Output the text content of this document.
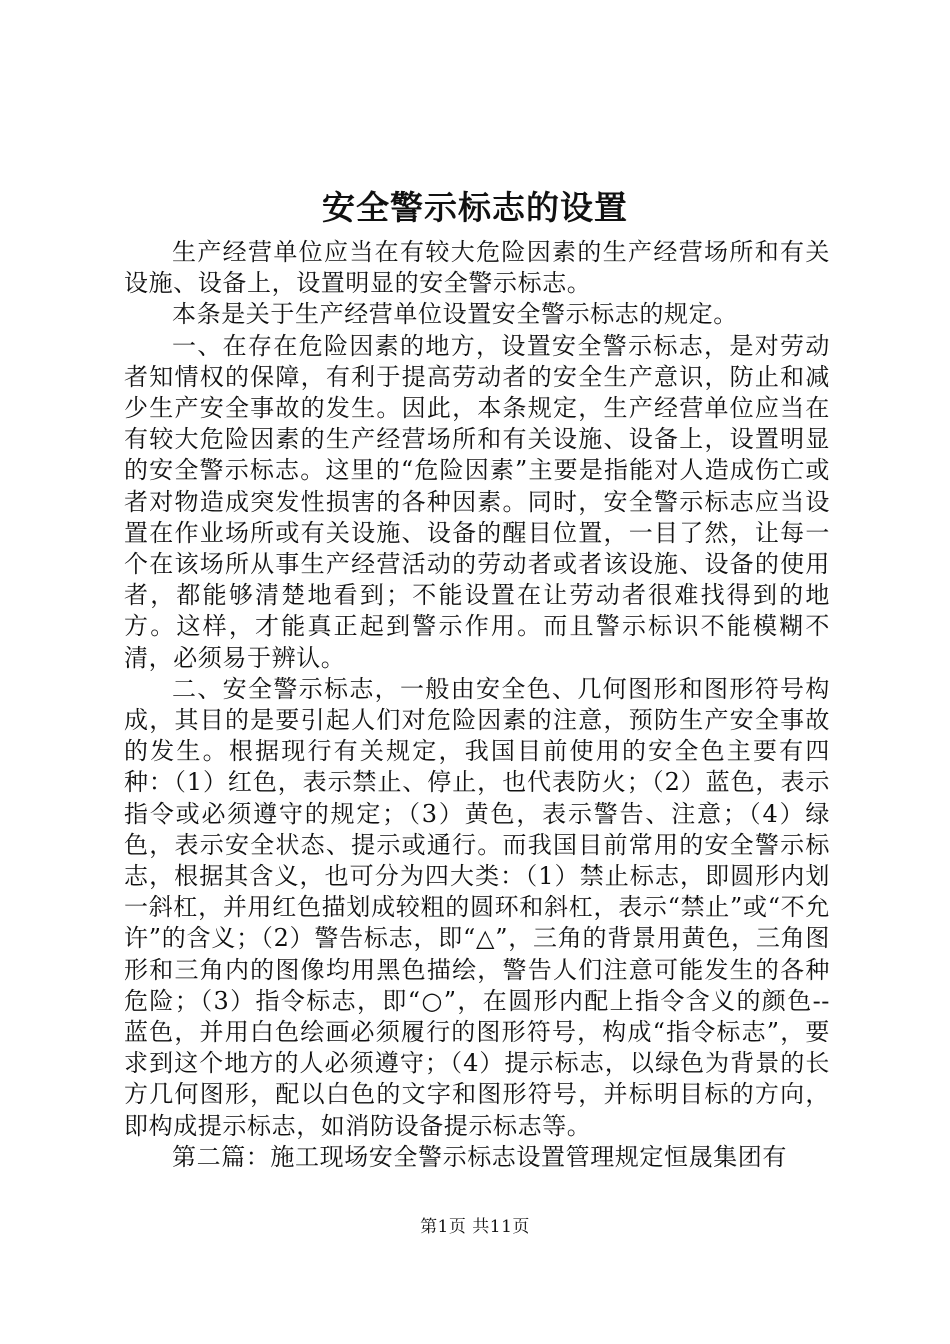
安全警示标志的设置

生产经营单位应当在有较大危险因素的生产经营场所和有关设施、设备上，设置明显的安全警示标志。

本条是关于生产经营单位设置安全警示标志的规定。

一、在存在危险因素的地方，设置安全警示标志，是对劳动者知情权的保障，有利于提高劳动者的安全生产意识，防止和减少生产安全事故的发生。因此，本条规定，生产经营单位应当在有较大危险因素的生产经营场所和有关设施、设备上，设置明显的安全警示标志。这里的“危险因素”主要是指能对人造成伤亡或者对物造成突发性损害的各种因素。同时，安全警示标志应当设置在作业场所或有关设施、设备的醒目位置，一目了然，让每一个在该场所从事生产经营活动的劳动者或者该设施、设备的使用者，都能够清楚地看到；不能设置在让劳动者很难找得到的地方。这样，才能真正起到警示作用。而且警示标识不能模糊不清，必须易于辨认。

二、安全警示标志，一般由安全色、几何图形和图形符号构成，其目的是要引起人们对危险因素的注意，预防生产安全事故的发生。根据现行有关规定，我国目前使用的安全色主要有四种：（1）红色，表示禁止、停止，也代表防火；（2）蓝色，表示指令或必须遵守的规定；（3）黄色，表示警告、注意；（4）绿色，表示安全状态、提示或通行。而我国目前常用的安全警示标志，根据其含义，也可分为四大类：（1）禁止标志，即圆形内划一斜杠，并用红色描划成较粗的圆环和斜杠，表示“禁止”或“不允许”的含义；（2）警告标志，即“△”，三角的背景用黄色，三角图形和三角内的图像均用黑色描绘，警告人们注意可能发生的各种危险；（3）指令标志，即“○”，在圆形内配上指令含义的颜色--蓝色，并用白色绘画必须履行的图形符号，构成“指令标志”，要求到这个地方的人必须遵守；（4）提示标志，以绿色为背景的长方几何图形，配以白色的文字和图形符号，并标明目标的方向，即构成提示标志，如消防设备提示标志等。

第二篇：施工现场安全警示标志设置管理规定恒晟集团有

第1页 共11页
